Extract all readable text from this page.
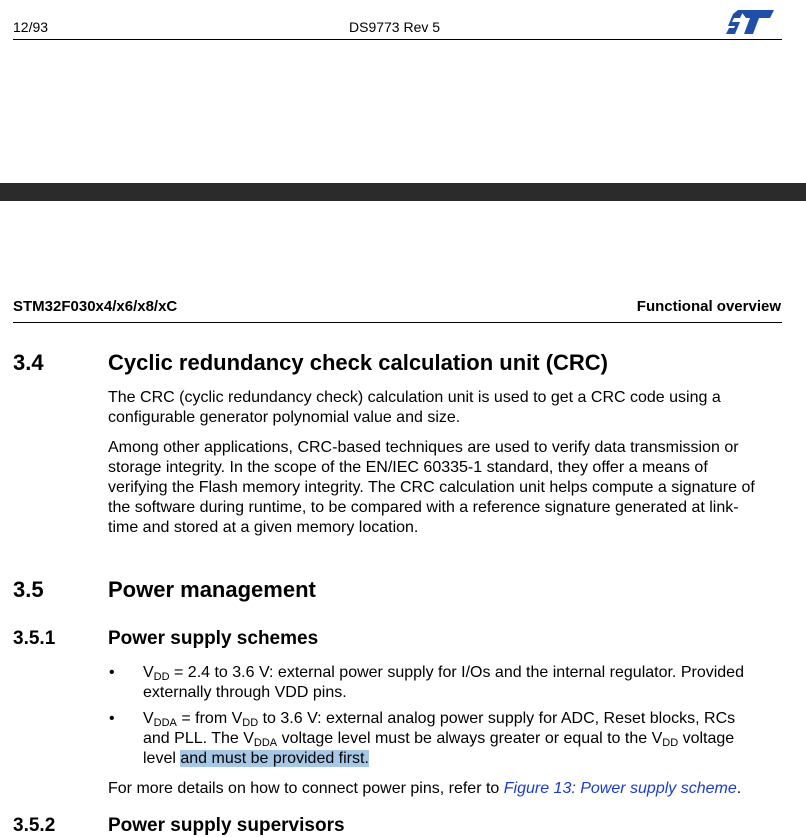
12/93	DS9773 Rev 5
STM32F030x4/x6/x8/xC	Functional overview
3.4	Cyclic redundancy check calculation unit (CRC)
The CRC (cyclic redundancy check) calculation unit is used to get a CRC code using a
configurable generator polynomial value and size.
Among other applications, CRC-based techniques are used to verify data transmission or
storage integrity. In the scope of the EN/IEC 60335-1 standard, they offer a means of
verifying the Flash memory integrity. The CRC calculation unit helps compute a signature of
the software during runtime, to be compared with a reference signature generated at link-
time and stored at a given memory location.
3.5	Power management
3.5.1	Power supply schemes
• $V_{DD} = 2.4$ to 3.6 V: external power supply for I/Os and the internal regulator. Provided
externally through VDD pins.
• $V_{DDA}$ = from $V_{DD}$ to 3.6 V: external analog power supply for ADC, Reset blocks, RCs
and PLL. The $V_{DDA}$ voltage level must be always greater or equal to the $V_{DD}$ voltage
level and must be provided first.
For more details on how to connect power pins, refer to Figure 13: Power supply scheme.
3.5.2	Power supply supervisors
